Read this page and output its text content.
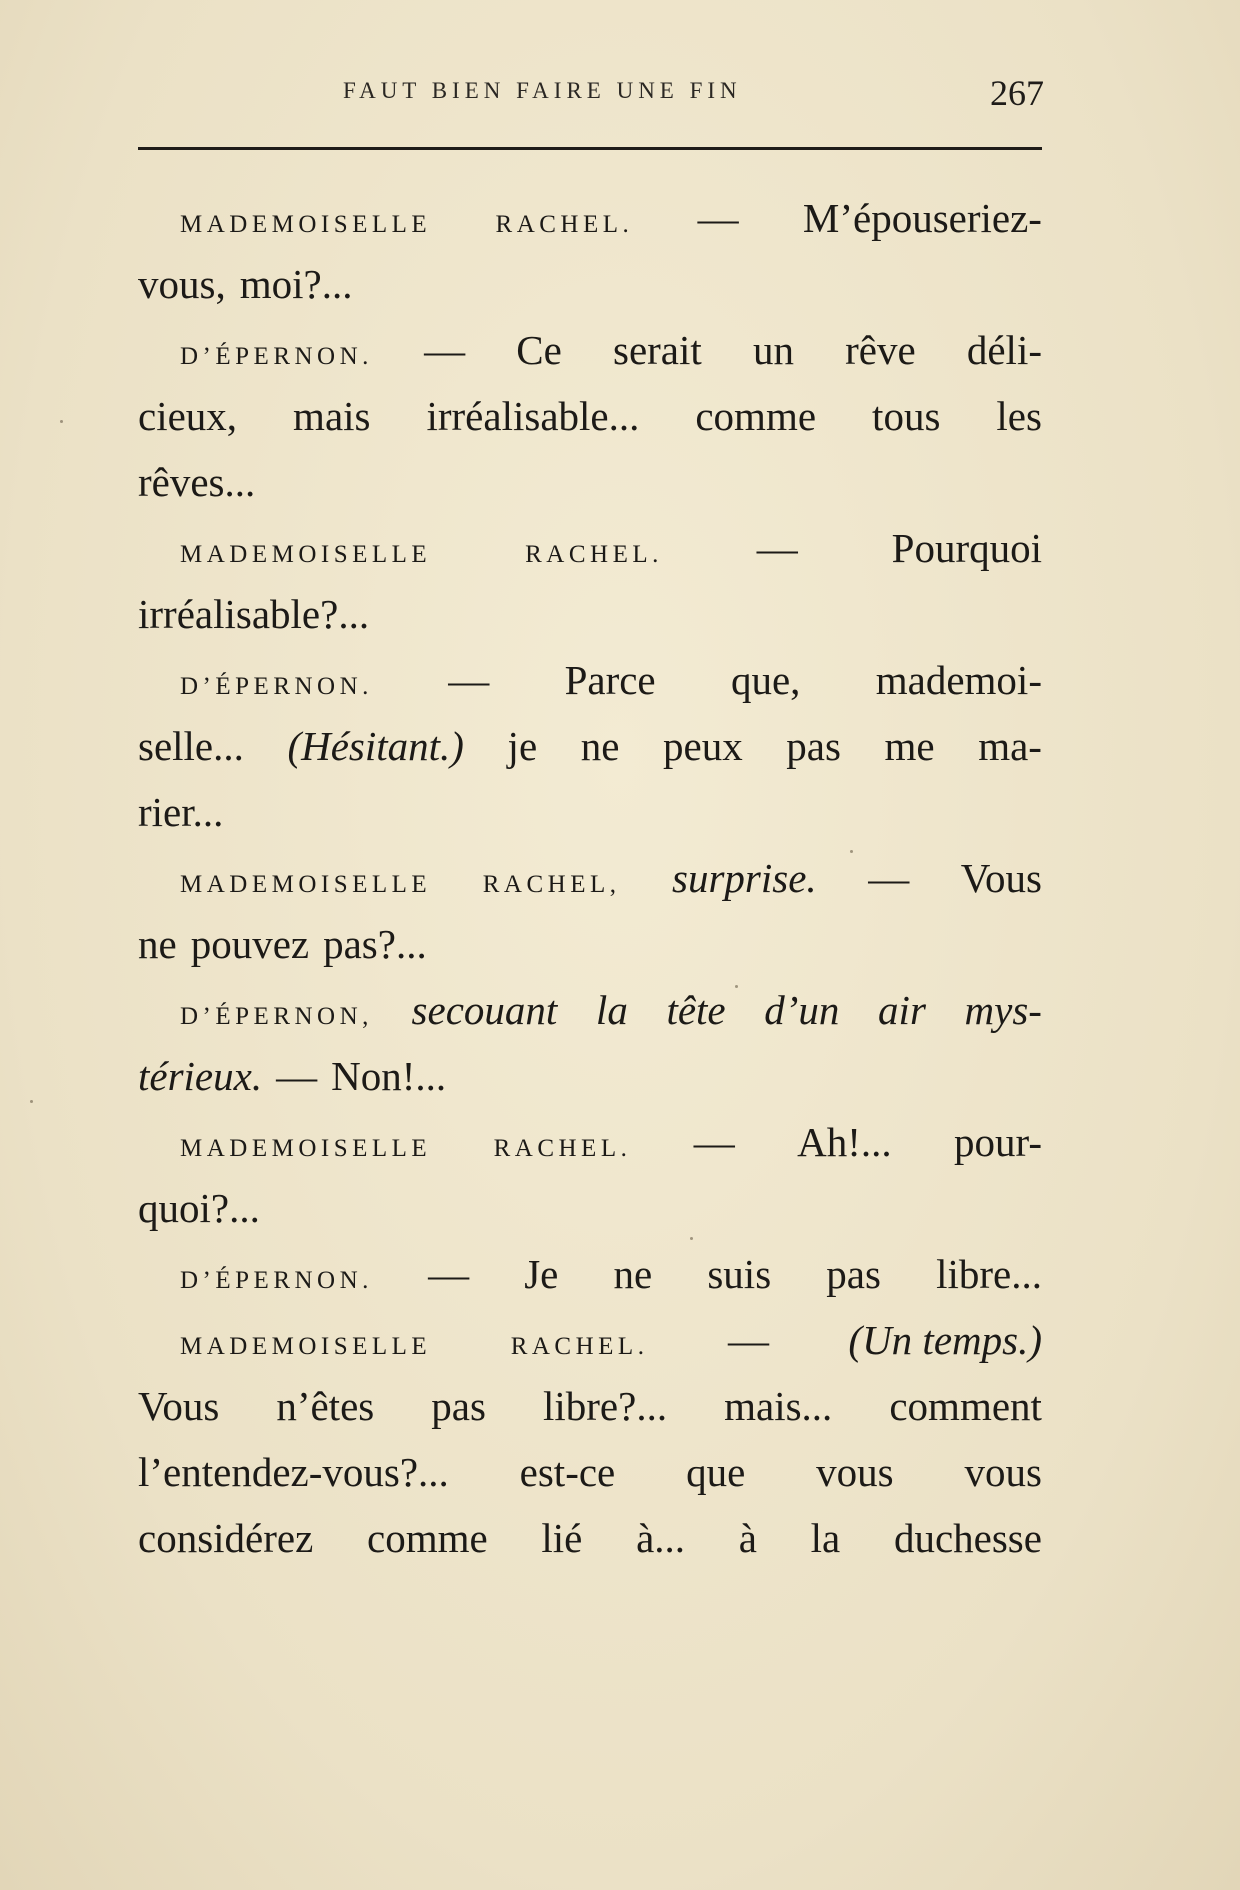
FAUT BIEN FAIRE UNE FIN	267
MADEMOISELLE	RACHEL. — M’épouseriez-
vous, moi?...
D’ÉPERNON. — Ce serait un rêve déli-
cieux, mais irréalisable... comme tous les
rêves...
MADEMOISELLE	RACHEL. — Pourquoi
irréalisable?...
D’ÉPERNON. — Parce que, mademoi-
selle... (Hésitant.) je ne peux pas me ma-
rier...
MADEMOISELLE RACHEL, surprise. — Vous
ne pouvez pas?...
D’ÉPERNON, secouant la tête d’un air mys-
térieux. — Non!...
MADEMOISELLE RACHEL. — Ah!... pour-
quoi?...
D’ÉPERNON. — Je ne suis pas libre...
MADEMOISELLE	RACHEL. — (Un temps.)
Vous n’êtes pas libre?... mais... comment
l’entendez-vous?... est-ce que vous vous
considérez comme lié à... à la duchesse
